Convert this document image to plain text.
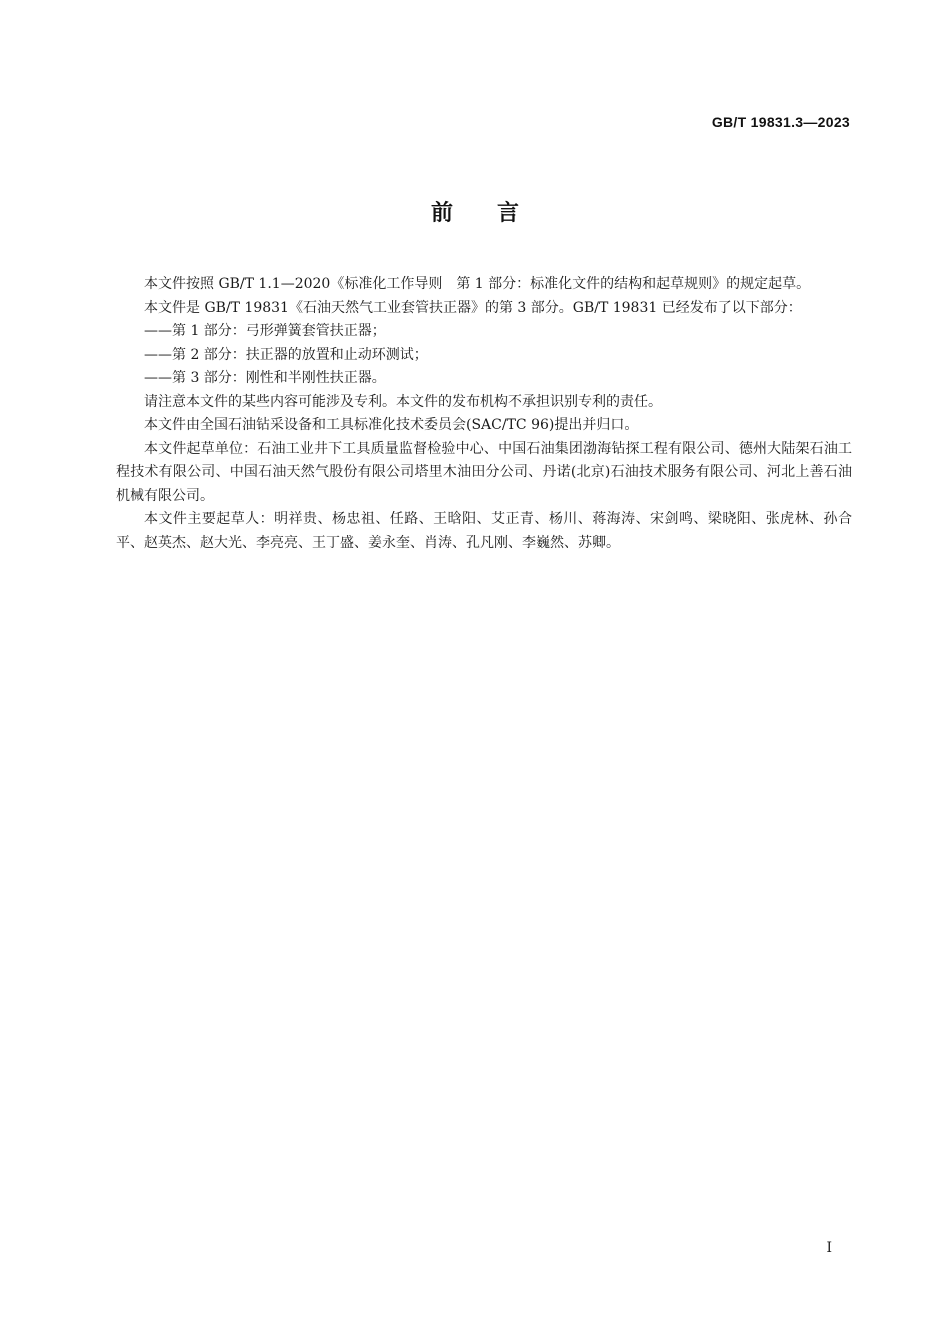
GB/T 19831.3—2023
前言

本文件按照 GB/T 1.1—2020《标准化工作导则　第 1 部分：标准化文件的结构和起草规则》的规定起草。

本文件是 GB/T 19831《石油天然气工业套管扶正器》的第 3 部分。GB/T 19831 已经发布了以下部分：

——第 1 部分：弓形弹簧套管扶正器；

——第 2 部分：扶正器的放置和止动环测试；

——第 3 部分：刚性和半刚性扶正器。

请注意本文件的某些内容可能涉及专利。本文件的发布机构不承担识别专利的责任。

本文件由全国石油钻采设备和工具标准化技术委员会(SAC/TC 96)提出并归口。

本文件起草单位：石油工业井下工具质量监督检验中心、中国石油集团渤海钻探工程有限公司、德州大陆架石油工程技术有限公司、中国石油天然气股份有限公司塔里木油田分公司、丹诺(北京)石油技术服务有限公司、河北上善石油机械有限公司。

本文件主要起草人：明祥贵、杨忠祖、任路、王晗阳、艾正青、杨川、蒋海涛、宋剑鸣、梁晓阳、张虎林、孙合平、赵英杰、赵大光、李亮亮、王丁盛、姜永奎、肖涛、孔凡刚、李巍然、苏卿。

I
